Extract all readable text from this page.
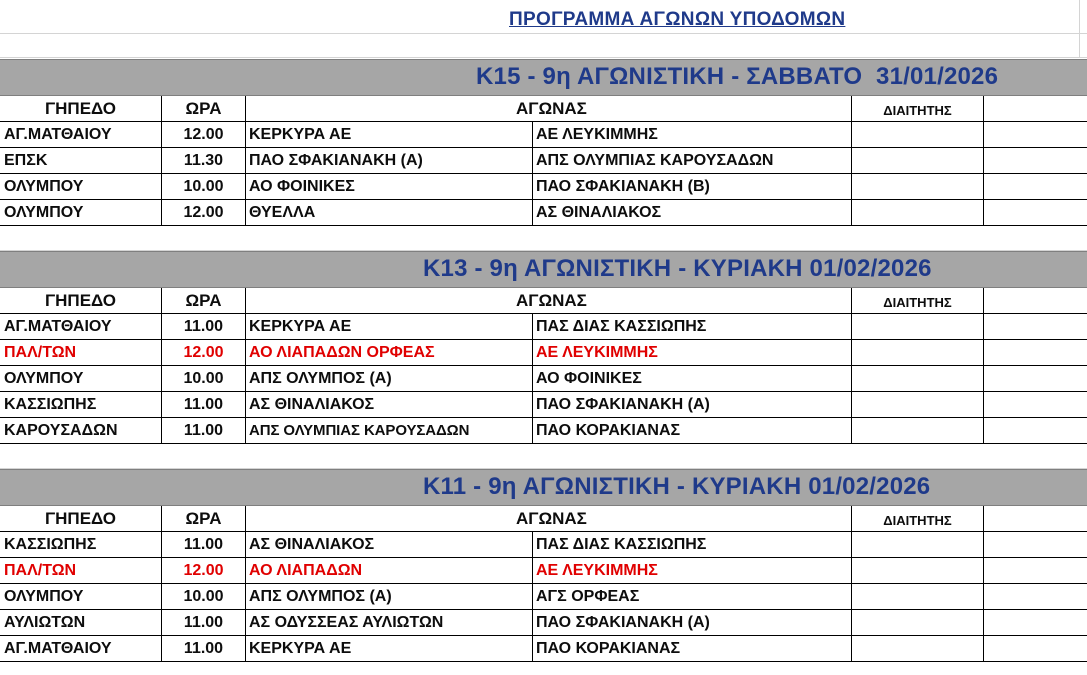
ΠΡΟΓΡΑΜΜΑ ΑΓΩΝΩΝ ΥΠΟΔΟΜΩΝ
Κ15 - 9η ΑΓΩΝΙΣΤΙΚΗ - ΣΑΒΒΑΤΟ  31/01/2026
ΓΗΠΕΔΟ	ΩΡΑ	ΑΓΩΝΑΣ	ΔΙΑΙΤΗΤΗΣ
ΑΓ.ΜΑΤΘΑΙΟΥ	12.00	ΚΕΡΚΥΡΑ ΑΕ	ΑΕ ΛΕΥΚΙΜΜΗΣ
ΕΠΣΚ	11.30	ΠΑΟ ΣΦΑΚΙΑΝΑΚΗ (Α)	ΑΠΣ ΟΛΥΜΠΙΑΣ ΚΑΡΟΥΣΑΔΩΝ
ΟΛΥΜΠΟΥ	10.00	ΑΟ ΦΟΙΝΙΚΕΣ	ΠΑΟ ΣΦΑΚΙΑΝΑΚΗ (Β)
ΟΛΥΜΠΟΥ	12.00	ΘΥΕΛΛΑ	ΑΣ ΘΙΝΑΛΙΑΚΟΣ
Κ13 - 9η ΑΓΩΝΙΣΤΙΚΗ - ΚΥΡΙΑΚΗ 01/02/2026
ΓΗΠΕΔΟ	ΩΡΑ	ΑΓΩΝΑΣ	ΔΙΑΙΤΗΤΗΣ
ΑΓ.ΜΑΤΘΑΙΟΥ	11.00	ΚΕΡΚΥΡΑ ΑΕ	ΠΑΣ ΔΙΑΣ ΚΑΣΣΙΩΠΗΣ
ΠΑΛ/ΤΩΝ	12.00	ΑΟ ΛΙΑΠΑΔΩΝ ΟΡΦΕΑΣ	ΑΕ ΛΕΥΚΙΜΜΗΣ
ΟΛΥΜΠΟΥ	10.00	ΑΠΣ ΟΛΥΜΠΟΣ (Α)	ΑΟ ΦΟΙΝΙΚΕΣ
ΚΑΣΣΙΩΠΗΣ	11.00	ΑΣ ΘΙΝΑΛΙΑΚΟΣ	ΠΑΟ ΣΦΑΚΙΑΝΑΚΗ (Α)
ΚΑΡΟΥΣΑΔΩΝ	11.00	ΑΠΣ ΟΛΥΜΠΙΑΣ ΚΑΡΟΥΣΑΔΩΝ	ΠΑΟ ΚΟΡΑΚΙΑΝΑΣ
Κ11 - 9η ΑΓΩΝΙΣΤΙΚΗ - ΚΥΡΙΑΚΗ 01/02/2026
ΓΗΠΕΔΟ	ΩΡΑ	ΑΓΩΝΑΣ	ΔΙΑΙΤΗΤΗΣ
ΚΑΣΣΙΩΠΗΣ	11.00	ΑΣ ΘΙΝΑΛΙΑΚΟΣ	ΠΑΣ ΔΙΑΣ ΚΑΣΣΙΩΠΗΣ
ΠΑΛ/ΤΩΝ	12.00	ΑΟ ΛΙΑΠΑΔΩΝ	ΑΕ ΛΕΥΚΙΜΜΗΣ
ΟΛΥΜΠΟΥ	10.00	ΑΠΣ ΟΛΥΜΠΟΣ (Α)	ΑΓΣ ΟΡΦΕΑΣ
ΑΥΛΙΩΤΩΝ	11.00	ΑΣ ΟΔΥΣΣΕΑΣ ΑΥΛΙΩΤΩΝ	ΠΑΟ ΣΦΑΚΙΑΝΑΚΗ (Α)
ΑΓ.ΜΑΤΘΑΙΟΥ	11.00	ΚΕΡΚΥΡΑ ΑΕ	ΠΑΟ ΚΟΡΑΚΙΑΝΑΣ
